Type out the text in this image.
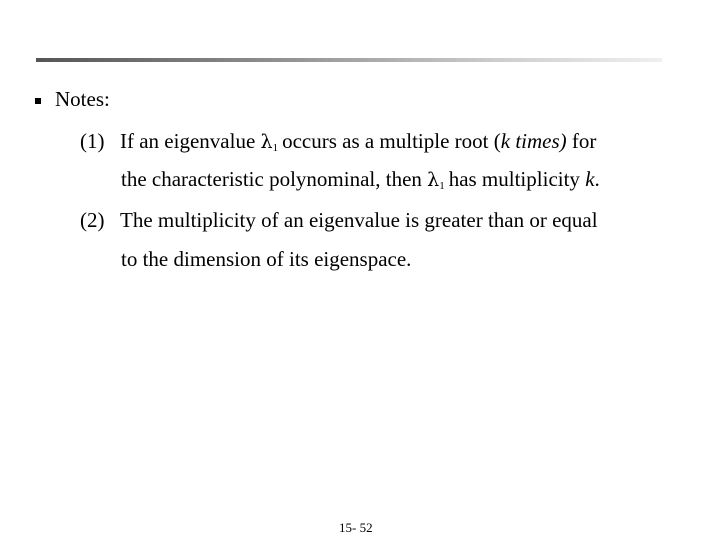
Notes:
(1) If an eigenvalue $\lambda_1$ occurs as a multiple root (k times) for
the characteristic polynominal, then $\lambda_1$ has multiplicity k.
(2) The multiplicity of an eigenvalue is greater than or equal
to the dimension of its eigenspace.
15- 52
